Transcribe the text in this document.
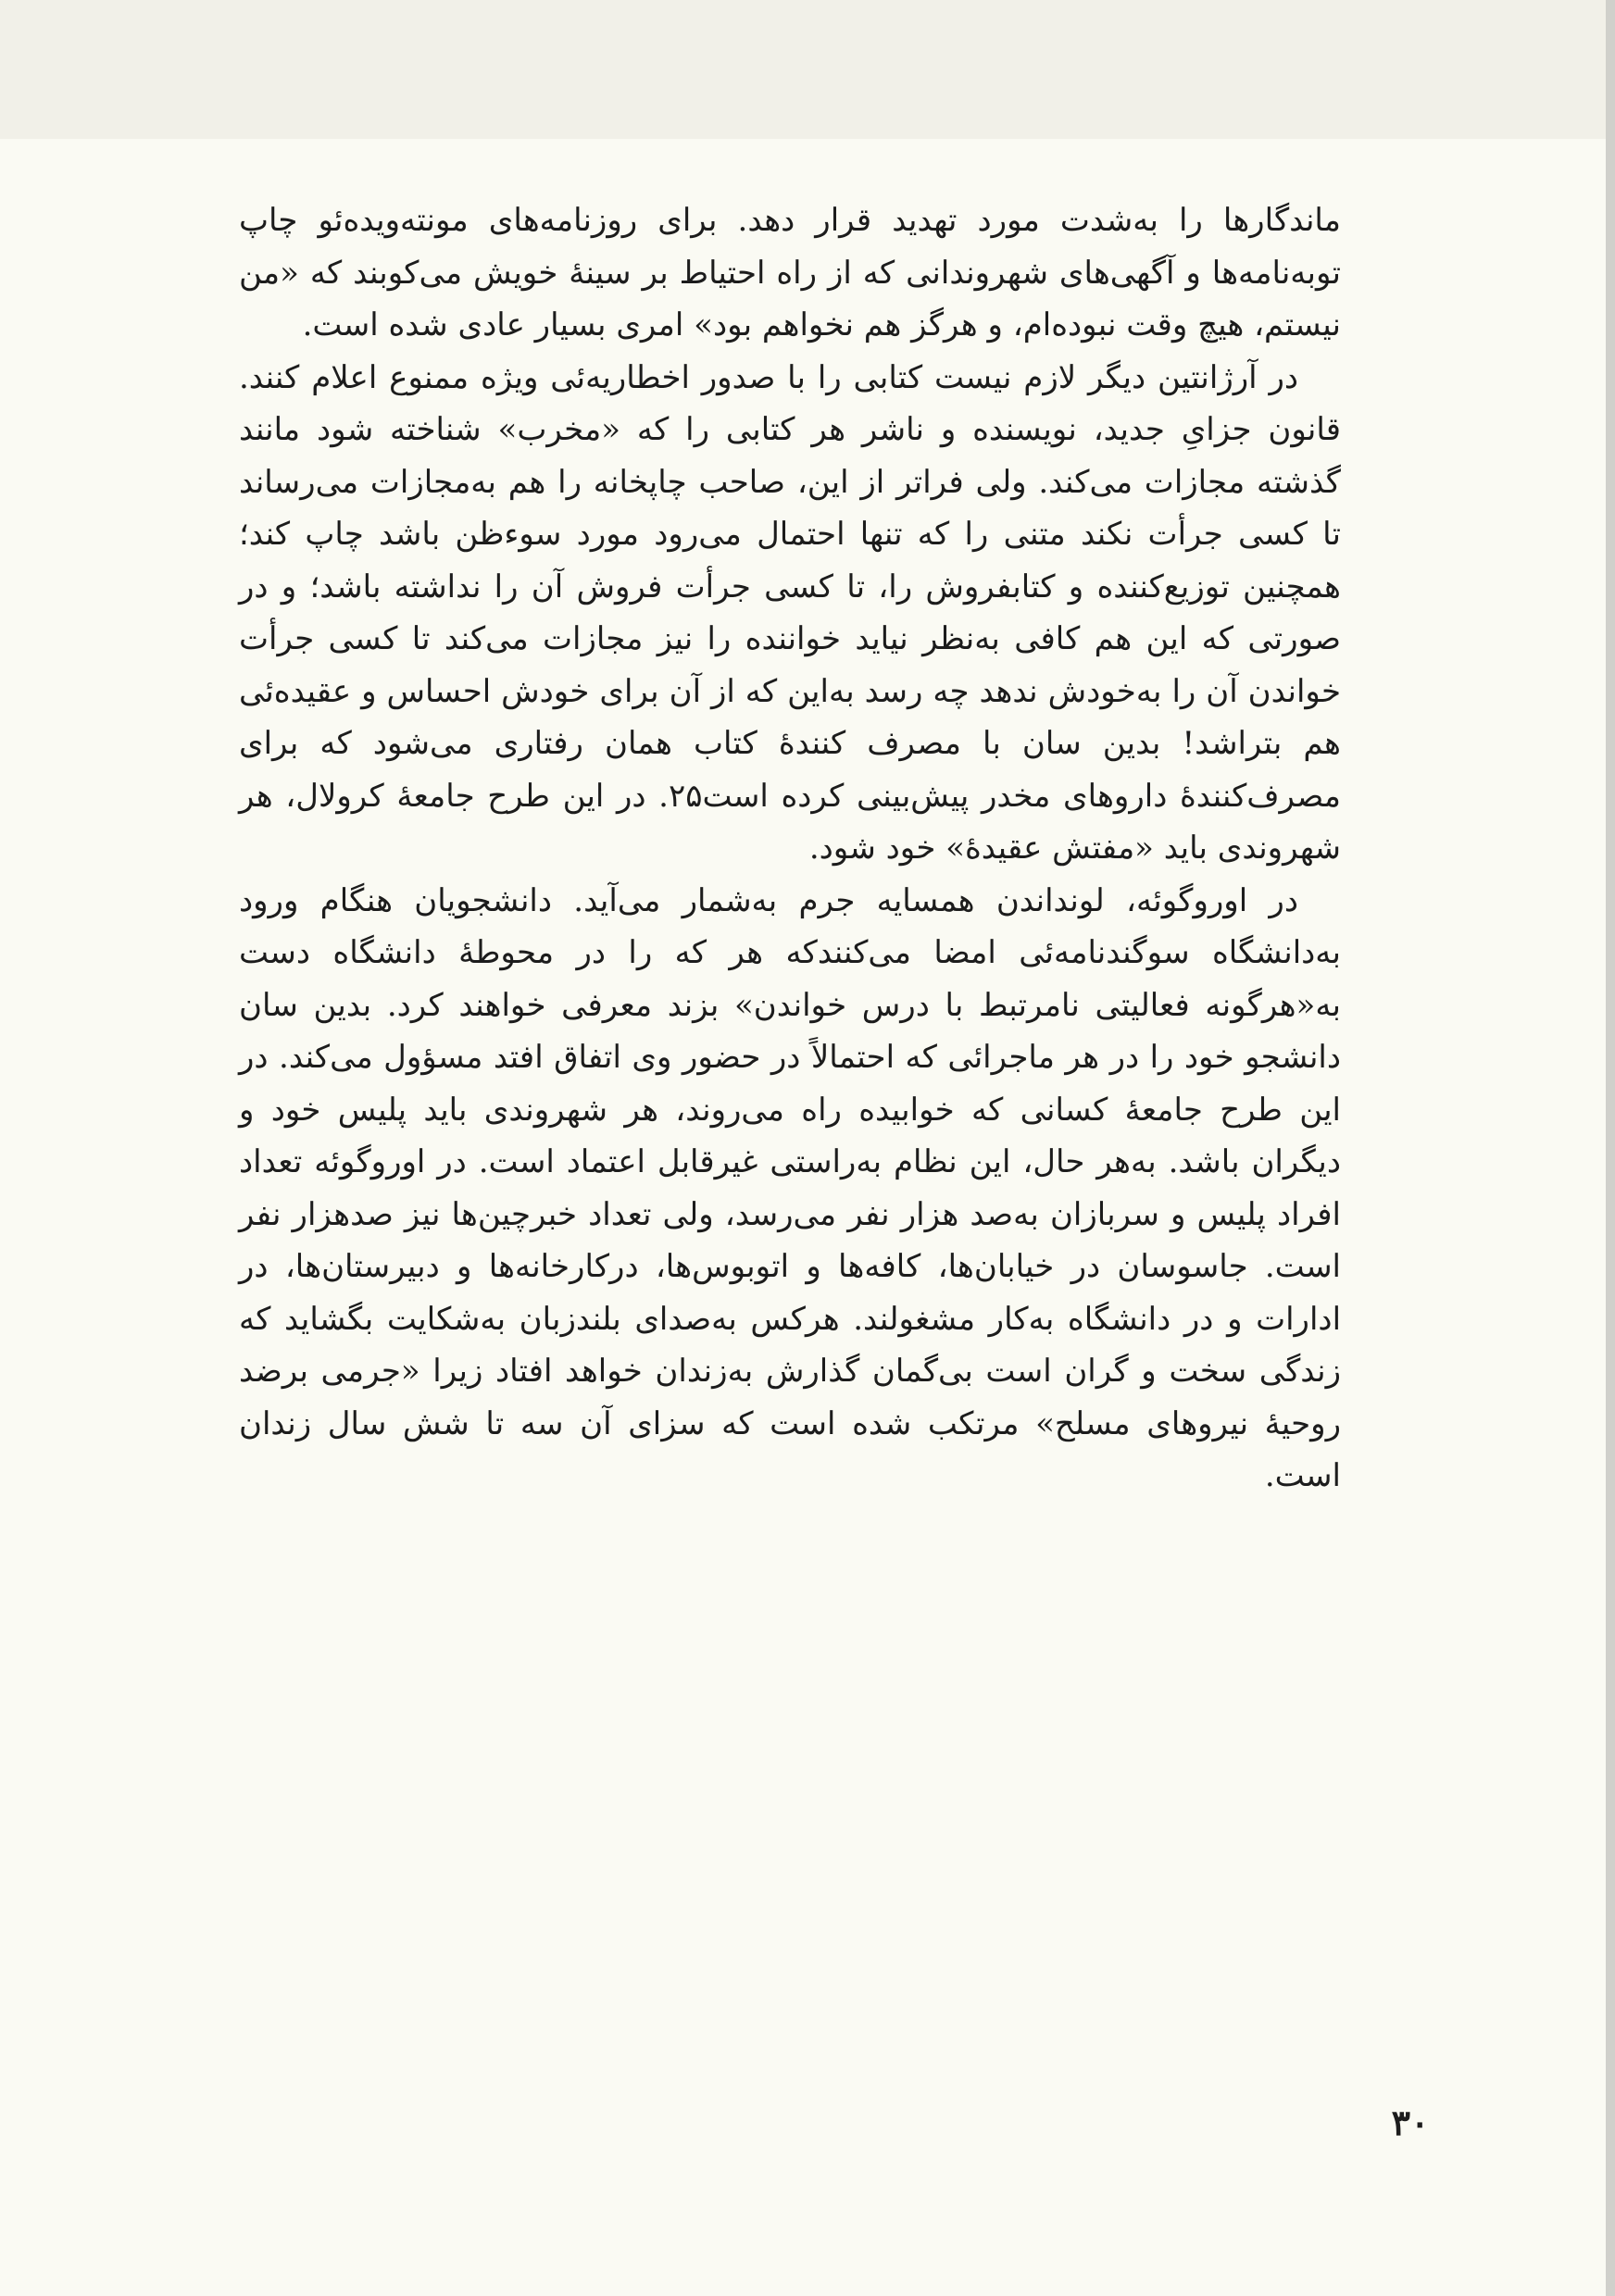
ماندگارها را به‌شدت مورد تهدید قرار دهد. برای روزنامه‌های مونته‌ویده‌ئو چاپ توبه‌نامه‌ها و آگهی‌های شهروندانی که از راه احتیاط بر سینهٔ خویش می‌کوبند که «من نیستم، هیچ وقت نبوده‌ام، و هرگز هم نخواهم بود» امری بسیار عادی شده است.

در آرژانتین دیگر لازم نیست کتابی را با صدور اخطاریه‌ئی ویژه ممنوع اعلام کنند. قانون جزایِ جدید، نویسنده و ناشر هر کتابی را که «مخرب» شناخته شود مانند گذشته مجازات می‌کند. ولی فراتر از این، صاحب چاپخانه را هم به‌مجازات می‌رساند تا کسی جرأت نکند متنی را که تنها احتمال می‌رود مورد سوءظن باشد چاپ کند؛ همچنین توزیع‌کننده و کتابفروش را، تا کسی جرأت فروش آن را نداشته باشد؛ و در صورتی که این هم کافی به‌نظر نیاید خواننده را نیز مجازات می‌کند تا کسی جرأت خواندن آن را به‌خودش ندهد چه رسد به‌این که از آن برای خودش احساس و عقیده‌ئی هم بتراشد! بدین سان با مصرف کنندهٔ کتاب همان رفتاری می‌شود که برای مصرف‌کنندهٔ داروهای مخدر پیش‌بینی کرده است۲۵. در این طرح جامعهٔ کرولال، هر شهروندی باید «مفتش عقیدهٔ» خود شود.

در اوروگوئه، لونداندن همسایه جرم به‌شمار می‌آید. دانشجویان هنگام ورود به‌دانشگاه سوگندنامه‌ئی امضا می‌کنندکه هر که را در محوطهٔ دانشگاه دست به«هرگونه فعالیتی نامرتبط با درس خواندن» بزند معرفی خواهند کرد. بدین سان دانشجو خود را در هر ماجرائی که احتمالاً در حضور وی اتفاق افتد مسؤول می‌کند. در این طرح جامعهٔ کسانی که خوابیده راه می‌روند، هر شهروندی باید پلیس خود و دیگران باشد. به‌هر حال، این نظام به‌راستی غیرقابل اعتماد است. در اوروگوئه تعداد افراد پلیس و سربازان به‌صد هزار نفر می‌رسد، ولی تعداد خبرچین‌ها نیز صدهزار نفر است. جاسوسان در خیابان‌ها، کافه‌ها و اتوبوس‌ها، درکارخانه‌ها و دبیرستان‌ها، در ادارات و در دانشگاه به‌کار مشغولند. هرکس به‌صدای بلندزبان به‌شکایت بگشاید که زندگی سخت و گران است بی‌گمان گذارش به‌زندان خواهد افتاد زیرا «جرمی برضد روحیهٔ نیروهای مسلح» مرتکب شده است که سزای آن سه تا شش سال زندان است.

۳۰
